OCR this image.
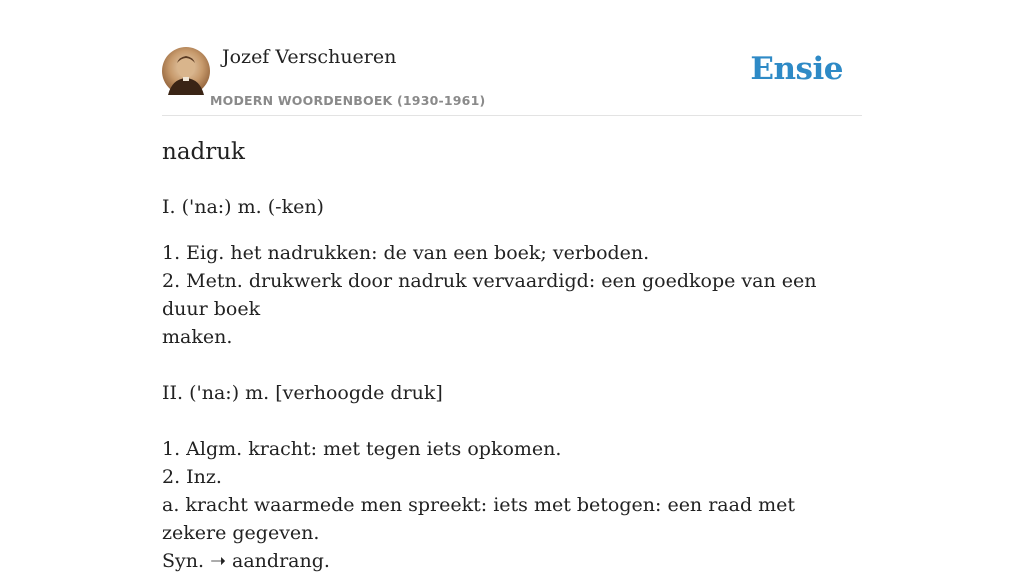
Jozef Verschueren
MODERN WOORDENBOEK (1930-1961)
Ensie
nadruk

I. ('na:) m. (-ken)

1. Eig. het nadrukken: de van een boek; verboden.

2. Metn. drukwerk door nadruk vervaardigd: een goedkope van een duur boek

maken.

II. ('na:) m. [verhoogde druk]

1. Algm. kracht: met tegen iets opkomen.

2. Inz.

a. kracht waarmede men spreekt: iets met betogen: een raad met zekere gegeven.

Syn. ➝ aandrang.
